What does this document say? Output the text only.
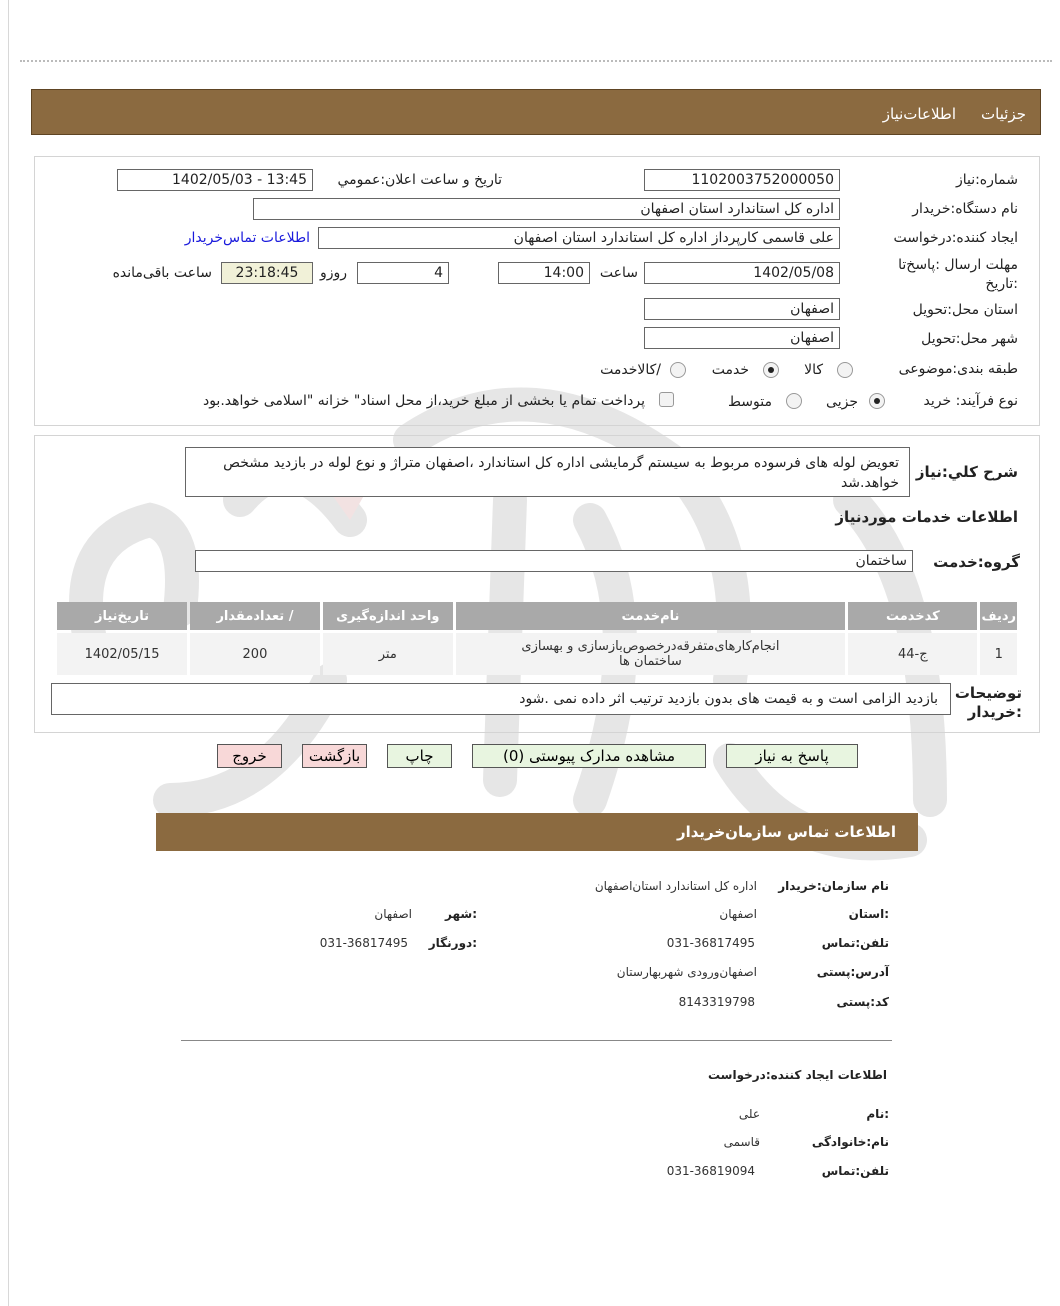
جزئیات
اطلاعات‌نیاز
شماره:نیاز
1102003752000050
تاریخ و ساعت اعلان:عمومي
1402/05/03 - 13:45
نام دستگاه:خریدار
اداره کل استاندارد استان اصفهان
ایجاد کننده:درخواست
علی قاسمی کارپرداز اداره کل استاندارد استان اصفهان
اطلاعات تماس‌خریدار
مهلت ارسال :پاسخ‌تا
:تاریخ
1402/05/08
ساعت
14:00
4
روزو
23:18:45
ساعت باقی‌مانده
استان محل:تحویل
اصفهان
شهر محل:تحویل
اصفهان
طبقه بندی:موضوعی
کالا
خدمت
/کالاخدمت
نوع فرآیند: خرید
جزیی
متوسط
پرداخت تمام یا بخشی از مبلغ خرید،از محل اسناد" خزانه "اسلامی خواهد.بود
شرح کلي:نياز
تعویض لوله های فرسوده مربوط به سیستم گرمایشی اداره کل استاندارد ،اصفهان متراژ و نوع لوله در بازدید مشخص خواهد.شد
اطلاعات خدمات موردنیاز
گروه:خدمت
ساختمان
ردیف	کدخدمت	نام‌خدمت	واحد اندازه‌گیری	/ تعدادمقدار	تاریخ‌نیاز
1	ج-44	انجام‌کارهای‌متفرقه‌درخصوص‌بازسازی و بهسازی ساختمان ها	متر	200	1402/05/15
توضیحات
:خریدار
بازدید الزامی است و به قیمت های بدون بازدید ترتیب اثر داده نمی .شود
پاسخ به نیاز
مشاهده مدارک پیوستی (0)
چاپ
بازگشت
خروج
اطلاعات تماس سازمان‌خریدار
نام سازمان:خریدار
اداره کل استاندارد استان‌اصفهان
:استان
اصفهان
:شهر
اصفهان
تلفن:تماس
031-36817495
:دورنگار
031-36817495
آدرس:پستی
اصفهان‌ورودی شهربهارستان
کد:پستی
8143319798
اطلاعات ایجاد کننده:درخواست
:نام
علی
نام:خانوادگی
قاسمی
تلفن:تماس
031-36819094
